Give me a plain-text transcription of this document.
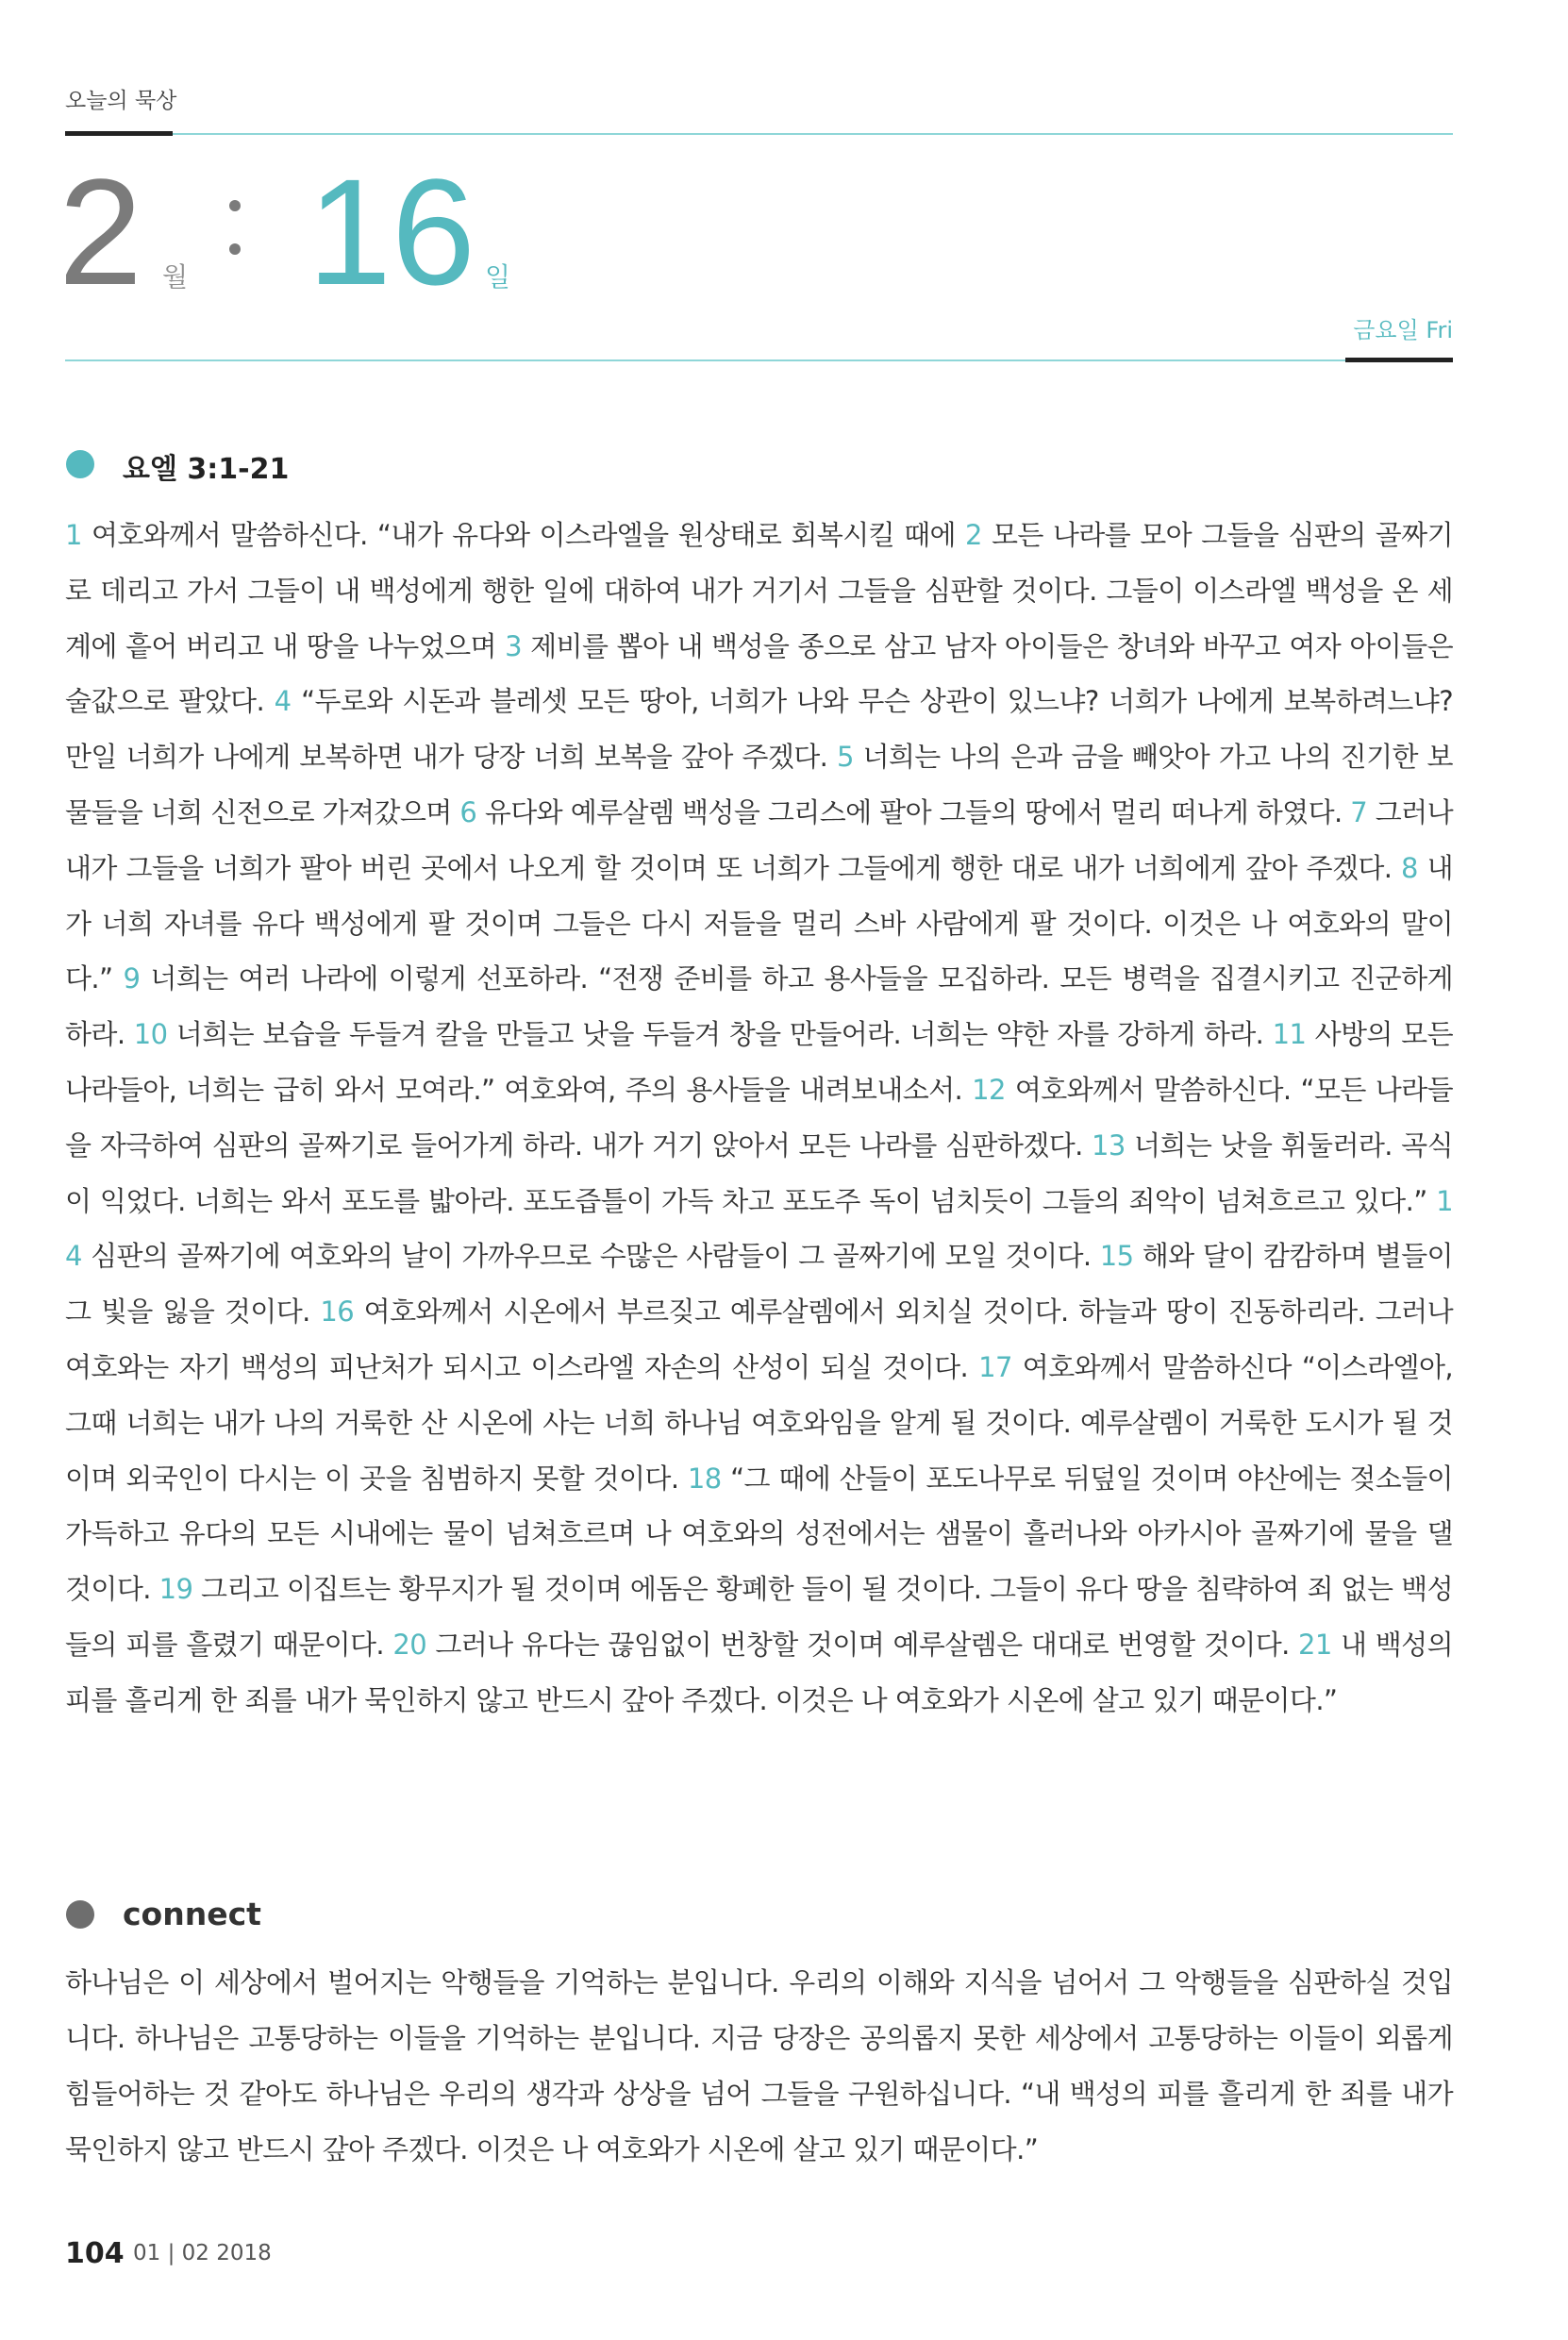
오늘의 묵상
2 월 16 일
금요일 Fri
요엘 3:1-21
1 여호와께서 말씀하신다. “내가 유다와 이스라엘을 원상태로 회복시킬 때에 2 모든 나라를 모아 그들을 심판의 골짜기로 데리고 가서 그들이 내 백성에게 행한 일에 대하여 내가 거기서 그들을 심판할 것이다. 그들이 이스라엘 백성을 온 세계에 흩어 버리고 내 땅을 나누었으며 3 제비를 뽑아 내 백성을 종으로 삼고 남자 아이들은 창녀와 바꾸고 여자 아이들은 술값으로 팔았다. 4 “두로와 시돈과 블레셋 모든 땅아, 너희가 나와 무슨 상관이 있느냐? 너희가 나에게 보복하려느냐? 만일 너희가 나에게 보복하면 내가 당장 너희 보복을 갚아 주겠다. 5 너희는 나의 은과 금을 빼앗아 가고 나의 진기한 보물들을 너희 신전으로 가져갔으며 6 유다와 예루살렘 백성을 그리스에 팔아 그들의 땅에서 멀리 떠나게 하였다. 7 그러나 내가 그들을 너희가 팔아 버린 곳에서 나오게 할 것이며 또 너희가 그들에게 행한 대로 내가 너희에게 갚아 주겠다. 8 내가 너희 자녀를 유다 백성에게 팔 것이며 그들은 다시 저들을 멀리 스바 사람에게 팔 것이다. 이것은 나 여호와의 말이다.” 9 너희는 여러 나라에 이렇게 선포하라. “전쟁 준비를 하고 용사들을 모집하라. 모든 병력을 집결시키고 진군하게 하라. 10 너희는 보습을 두들겨 칼을 만들고 낫을 두들겨 창을 만들어라. 너희는 약한 자를 강하게 하라. 11 사방의 모든 나라들아, 너희는 급히 와서 모여라.” 여호와여, 주의 용사들을 내려보내소서. 12 여호와께서 말씀하신다. “모든 나라들을 자극하여 심판의 골짜기로 들어가게 하라. 내가 거기 앉아서 모든 나라를 심판하겠다. 13 너희는 낫을 휘둘러라. 곡식이 익었다. 너희는 와서 포도를 밟아라. 포도즙틀이 가득 차고 포도주 독이 넘치듯이 그들의 죄악이 넘쳐흐르고 있다.” 14 심판의 골짜기에 여호와의 날이 가까우므로 수많은 사람들이 그 골짜기에 모일 것이다. 15 해와 달이 캄캄하며 별들이 그 빛을 잃을 것이다. 16 여호와께서 시온에서 부르짖고 예루살렘에서 외치실 것이다. 하늘과 땅이 진동하리라. 그러나 여호와는 자기 백성의 피난처가 되시고 이스라엘 자손의 산성이 되실 것이다. 17 여호와께서 말씀하신다 “이스라엘아, 그때 너희는 내가 나의 거룩한 산 시온에 사는 너희 하나님 여호와임을 알게 될 것이다. 예루살렘이 거룩한 도시가 될 것이며 외국인이 다시는 이 곳을 침범하지 못할 것이다. 18 “그 때에 산들이 포도나무로 뒤덮일 것이며 야산에는 젖소들이 가득하고 유다의 모든 시내에는 물이 넘쳐흐르며 나 여호와의 성전에서는 샘물이 흘러나와 아카시아 골짜기에 물을 댈 것이다. 19 그리고 이집트는 황무지가 될 것이며 에돔은 황폐한 들이 될 것이다. 그들이 유다 땅을 침략하여 죄 없는 백성들의 피를 흘렸기 때문이다. 20 그러나 유다는 끊임없이 번창할 것이며 예루살렘은 대대로 번영할 것이다. 21 내 백성의 피를 흘리게 한 죄를 내가 묵인하지 않고 반드시 갚아 주겠다. 이것은 나 여호와가 시온에 살고 있기 때문이다.”
connect
하나님은 이 세상에서 벌어지는 악행들을 기억하는 분입니다. 우리의 이해와 지식을 넘어서 그 악행들을 심판하실 것입니다. 하나님은 고통당하는 이들을 기억하는 분입니다. 지금 당장은 공의롭지 못한 세상에서 고통당하는 이들이 외롭게 힘들어하는 것 같아도 하나님은 우리의 생각과 상상을 넘어 그들을 구원하십니다. “내 백성의 피를 흘리게 한 죄를 내가 묵인하지 않고 반드시 갚아 주겠다. 이것은 나 여호와가 시온에 살고 있기 때문이다.”
104 01 | 02 2018
